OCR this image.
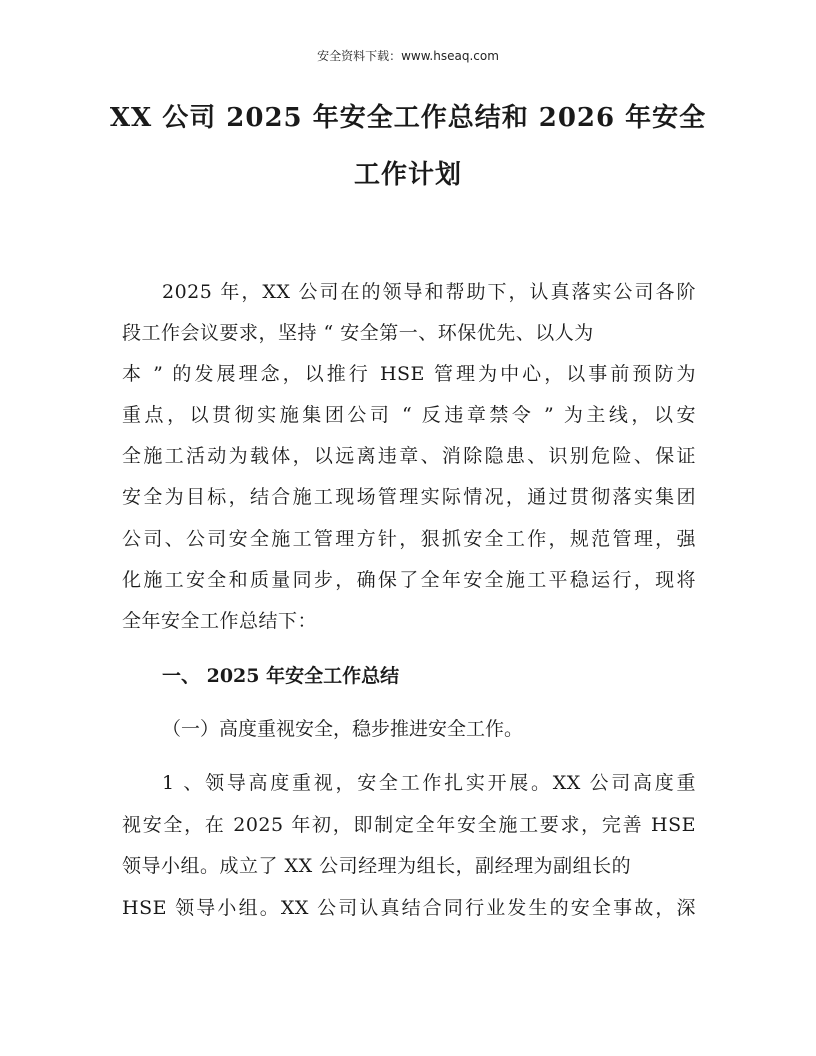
安全资料下载：www.hseaq.com
XX 公司 2025 年安全工作总结和 2026 年安全
工作计划
2025 年，XX 公司在的领导和帮助下，认真落实公司各阶
段工作会议要求，坚持 “ 安全第一、环保优先、以人为
本 ” 的发展理念，以推行 HSE 管理为中心，以事前预防为
重点，以贯彻实施集团公司 “ 反违章禁令 ” 为主线，以安
全施工活动为载体，以远离违章、消除隐患、识别危险、保证
安全为目标，结合施工现场管理实际情况，通过贯彻落实集团
公司、公司安全施工管理方针，狠抓安全工作，规范管理，强
化施工安全和质量同步，确保了全年安全施工平稳运行，现将
全年安全工作总结下：
一、 2025 年安全工作总结
（一）高度重视安全，稳步推进安全工作。
1 、领导高度重视，安全工作扎实开展。XX 公司高度重
视安全，在 2025 年初，即制定全年安全施工要求，完善 HSE
领导小组。成立了 XX 公司经理为组长，副经理为副组长的
HSE 领导小组。XX 公司认真结合同行业发生的安全事故，深
